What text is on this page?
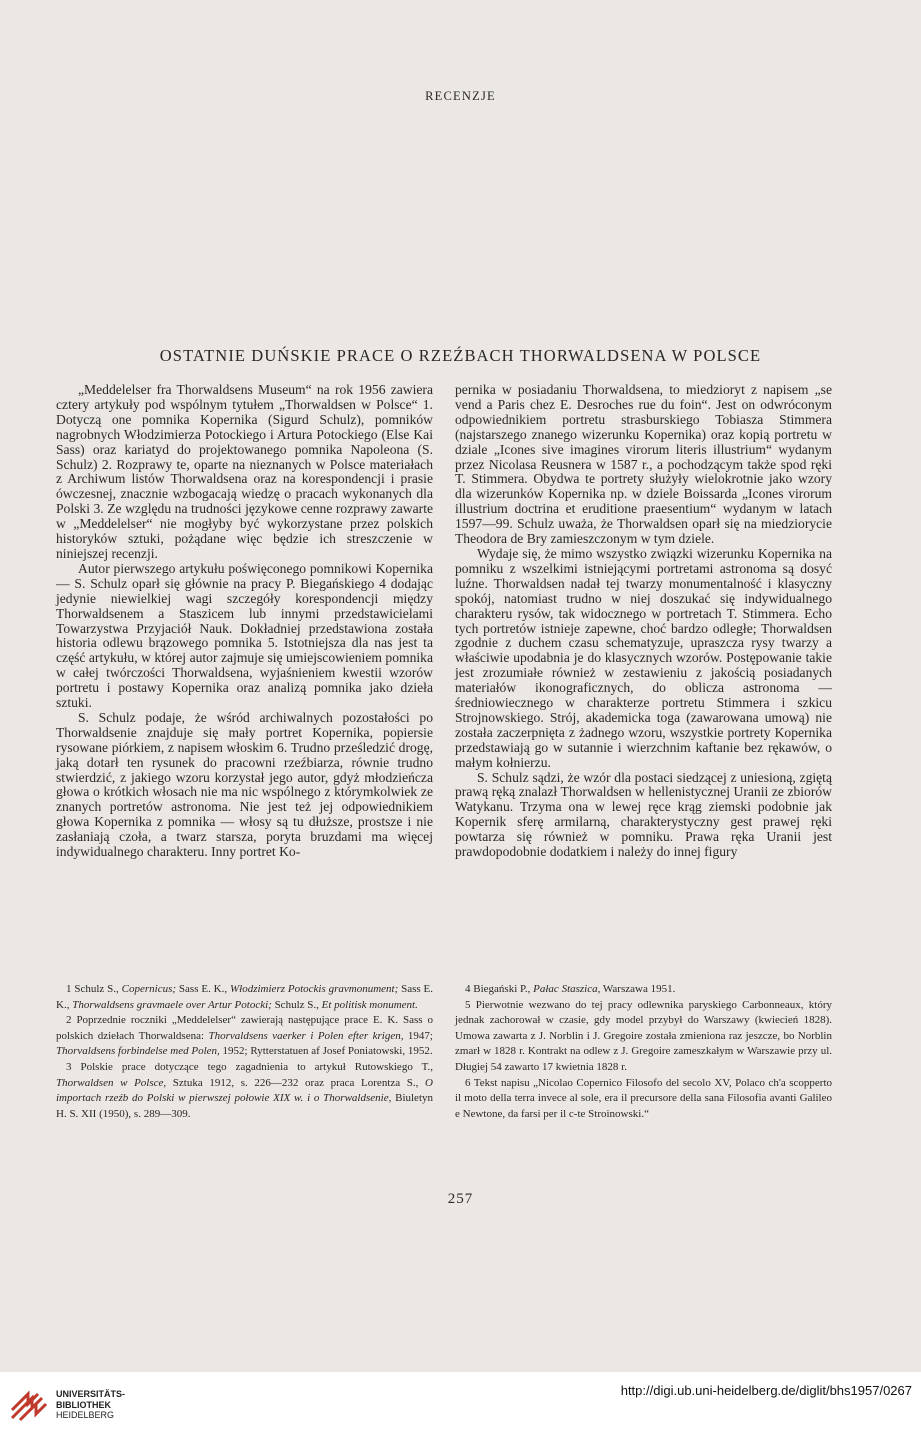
RECENZJE
OSTATNIE DUŃSKIE PRACE O RZEŹBACH THORWALDSENA W POLSCE

„Meddelelser fra Thorwaldsens Museum“ na rok 1956 zawiera cztery artykuły pod wspólnym tytułem „Thorwaldsen w Polsce“ 1. Dotyczą one pomnika Kopernika (Sigurd Schulz), pomników nagrobnych Włodzimierza Potockiego i Artura Potockiego (Else Kai Sass) oraz kariatyd do projektowanego pomnika Napoleona (S. Schulz) 2. Rozprawy te, oparte na nieznanych w Polsce materiałach z Archiwum listów Thorwaldsena oraz na korespondencji i prasie ówczesnej, znacznie wzbogacają wiedzę o pracach wykonanych dla Polski 3. Ze względu na trudności językowe cenne rozprawy zawarte w „Meddelelser“ nie mogłyby być wykorzystane przez polskich historyków sztuki, pożądane więc będzie ich streszczenie w niniejszej recenzji.

Autor pierwszego artykułu poświęconego pomnikowi Kopernika — S. Schulz oparł się głównie na pracy P. Biegańskiego 4 dodając jedynie niewielkiej wagi szczegóły korespondencji między Thorwaldsenem a Staszicem lub innymi przedstawicielami Towarzystwa Przyjaciół Nauk. Dokładniej przedstawiona została historia odlewu brązowego pomnika 5. Istotniejsza dla nas jest ta część artykułu, w której autor zajmuje się umiejscowieniem pomnika w całej twórczości Thorwaldsena, wyjaśnieniem kwestii wzorów portretu i postawy Kopernika oraz analizą pomnika jako dzieła sztuki.

S. Schulz podaje, że wśród archiwalnych pozostałości po Thorwaldsenie znajduje się mały portret Kopernika, popiersie rysowane piórkiem, z napisem włoskim 6. Trudno prześledzić drogę, jaką dotarł ten rysunek do pracowni rzeźbiarza, równie trudno stwierdzić, z jakiego wzoru korzystał jego autor, gdyż młodzieńcza głowa o krótkich włosach nie ma nic wspólnego z którymkolwiek ze znanych portretów astronoma. Nie jest też jej odpowiednikiem głowa Kopernika z pomnika — włosy są tu dłuższe, prostsze i nie zasłaniają czoła, a twarz starsza, poryta bruzdami ma więcej indywidualnego charakteru. Inny portret Ko-

pernika w posiadaniu Thorwaldsena, to miedzioryt z napisem „se vend a Paris chez E. Desroches rue du foin“. Jest on odwróconym odpowiednikiem portretu strasburskiego Tobiasza Stimmera (najstarszego znanego wizerunku Kopernika) oraz kopią portretu w dziale „Icones sive imagines virorum literis illustrium“ wydanym przez Nicolasa Reusnera w 1587 r., a pochodzącym także spod ręki T. Stimmera. Obydwa te portrety służyły wielokrotnie jako wzory dla wizerunków Kopernika np. w dziele Boissarda „Icones virorum illustrium doctrina et eruditione praesentium“ wydanym w latach 1597—99. Schulz uważa, że Thorwaldsen oparł się na miedziorycie Theodora de Bry zamieszczonym w tym dziele.

Wydaje się, że mimo wszystko związki wizerunku Kopernika na pomniku z wszelkimi istniejącymi portretami astronoma są dosyć luźne. Thorwaldsen nadał tej twarzy monumentalność i klasyczny spokój, natomiast trudno w niej doszukać się indywidualnego charakteru rysów, tak widocznego w portretach T. Stimmera. Echo tych portretów istnieje zapewne, choć bardzo odległe; Thorwaldsen zgodnie z duchem czasu schematyzuje, upraszcza rysy twarzy a właściwie upodabnia je do klasycznych wzorów. Postępowanie takie jest zrozumiałe również w zestawieniu z jakością posiadanych materiałów ikonograficznych, do oblicza astronoma — średniowiecznego w charakterze portretu Stimmera i szkicu Strojnowskiego. Strój, akademicka toga (zawarowana umową) nie została zaczerpnięta z żadnego wzoru, wszystkie portrety Kopernika przedstawiają go w sutannie i wierzchnim kaftanie bez rękawów, o małym kołnierzu.

S. Schulz sądzi, że wzór dla postaci siedzącej z uniesioną, zgiętą prawą ręką znalazł Thorwaldsen w hellenistycznej Uranii ze zbiorów Watykanu. Trzyma ona w lewej ręce krąg ziemski podobnie jak Kopernik sferę armilarną, charakterystyczny gest prawej ręki powtarza się również w pomniku. Prawa ręka Uranii jest prawdopodobnie dodatkiem i należy do innej figury

1 Schulz S., Copernicus; Sass E. K., Włodzimierz Potockis gravmonument; Sass E. K., Thorwaldsens gravmaele over Artur Potocki; Schulz S., Et politisk monument.

2 Poprzednie roczniki „Meddelelser“ zawierają następujące prace E. K. Sass o polskich dziełach Thorwaldsena: Thorvaldsens vaerker i Polen efter krigen, 1947; Thorvaldsens forbindelse med Polen, 1952; Rytterstatuen af Josef Poniatowski, 1952.

3 Polskie prace dotyczące tego zagadnienia to artykuł Rutowskiego T., Thorwaldsen w Polsce, Sztuka 1912, s. 226—232 oraz praca Lorentza S., O importach rzeźb do Polski w pierwszej połowie XIX w. i o Thorwaldsenie, Biuletyn H. S. XII (1950), s. 289—309.

4 Biegański P., Pałac Staszica, Warszawa 1951.

5 Pierwotnie wezwano do tej pracy odlewnika paryskiego Carbonneaux, który jednak zachorował w czasie, gdy model przybył do Warszawy (kwiecień 1828). Umowa zawarta z J. Norblin i J. Gregoire została zmieniona raz jeszcze, bo Norblin zmarł w 1828 r. Kontrakt na odlew z J. Gregoire zameszkałym w Warszawie przy ul. Długiej 54 zawarto 17 kwietnia 1828 r.

6 Tekst napisu „Nicolao Copernico Filosofo del secolo XV, Polaco ch'a scopperto il moto della terra invece al sole, era il precursore della sana Filosofia avanti Galileo e Newtone, da farsi per il c-te Stroinowski.“

257
UNIVERSITÄTS-
BIBLIOTHEK
HEIDELBERG
http://digi.ub.uni-heidelberg.de/diglit/bhs1957/0267
